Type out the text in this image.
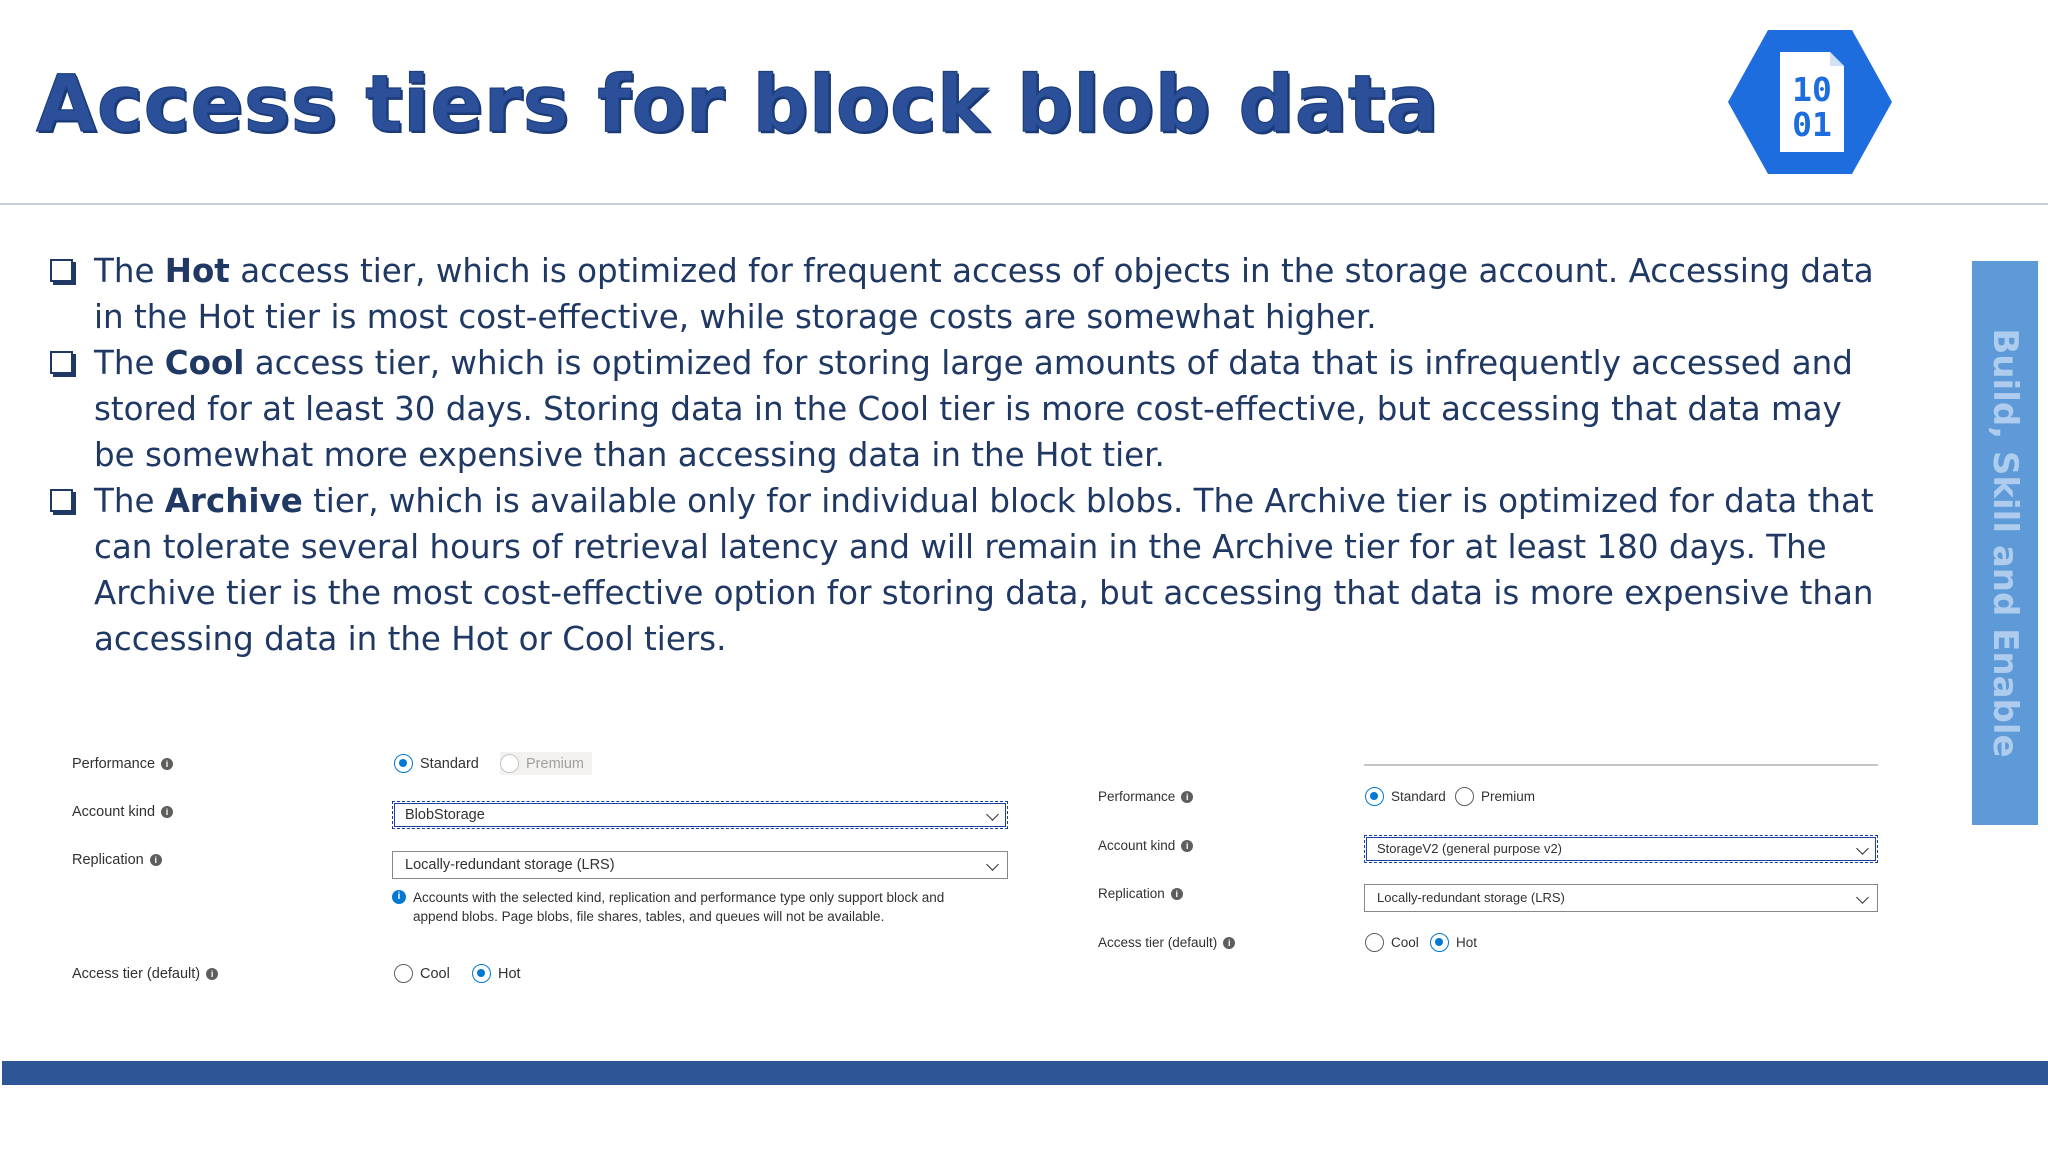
Access tiers for block blob data	10
01
Build, Skill and Enable
The Hot access tier, which is optimized for frequent access of objects in the storage account. Accessing data in the Hot tier is most cost-effective, while storage costs are somewhat higher.
The Cool access tier, which is optimized for storing large amounts of data that is infrequently accessed and stored for at least 30 days. Storing data in the Cool tier is more cost-effective, but accessing that data may be somewhat more expensive than accessing data in the Hot tier.
The Archive tier, which is available only for individual block blobs. The Archive tier is optimized for data that can tolerate several hours of retrieval latency and will remain in the Archive tier for at least 180 days. The Archive tier is the most cost-effective option for storing data, but accessing that data is more expensive than accessing data in the Hot or Cool tiers.
Performance i	Standard	Premium
Account kind i	BlobStorage
Replication i	Locally-redundant storage (LRS)
i Accounts with the selected kind, replication and performance type only support block and append blobs. Page blobs, file shares, tables, and queues will not be available.
Access tier (default) i	Cool	Hot
Performance i	Standard	Premium
Account kind i	StorageV2 (general purpose v2)
Replication i	Locally-redundant storage (LRS)
Access tier (default) i	Cool	Hot
